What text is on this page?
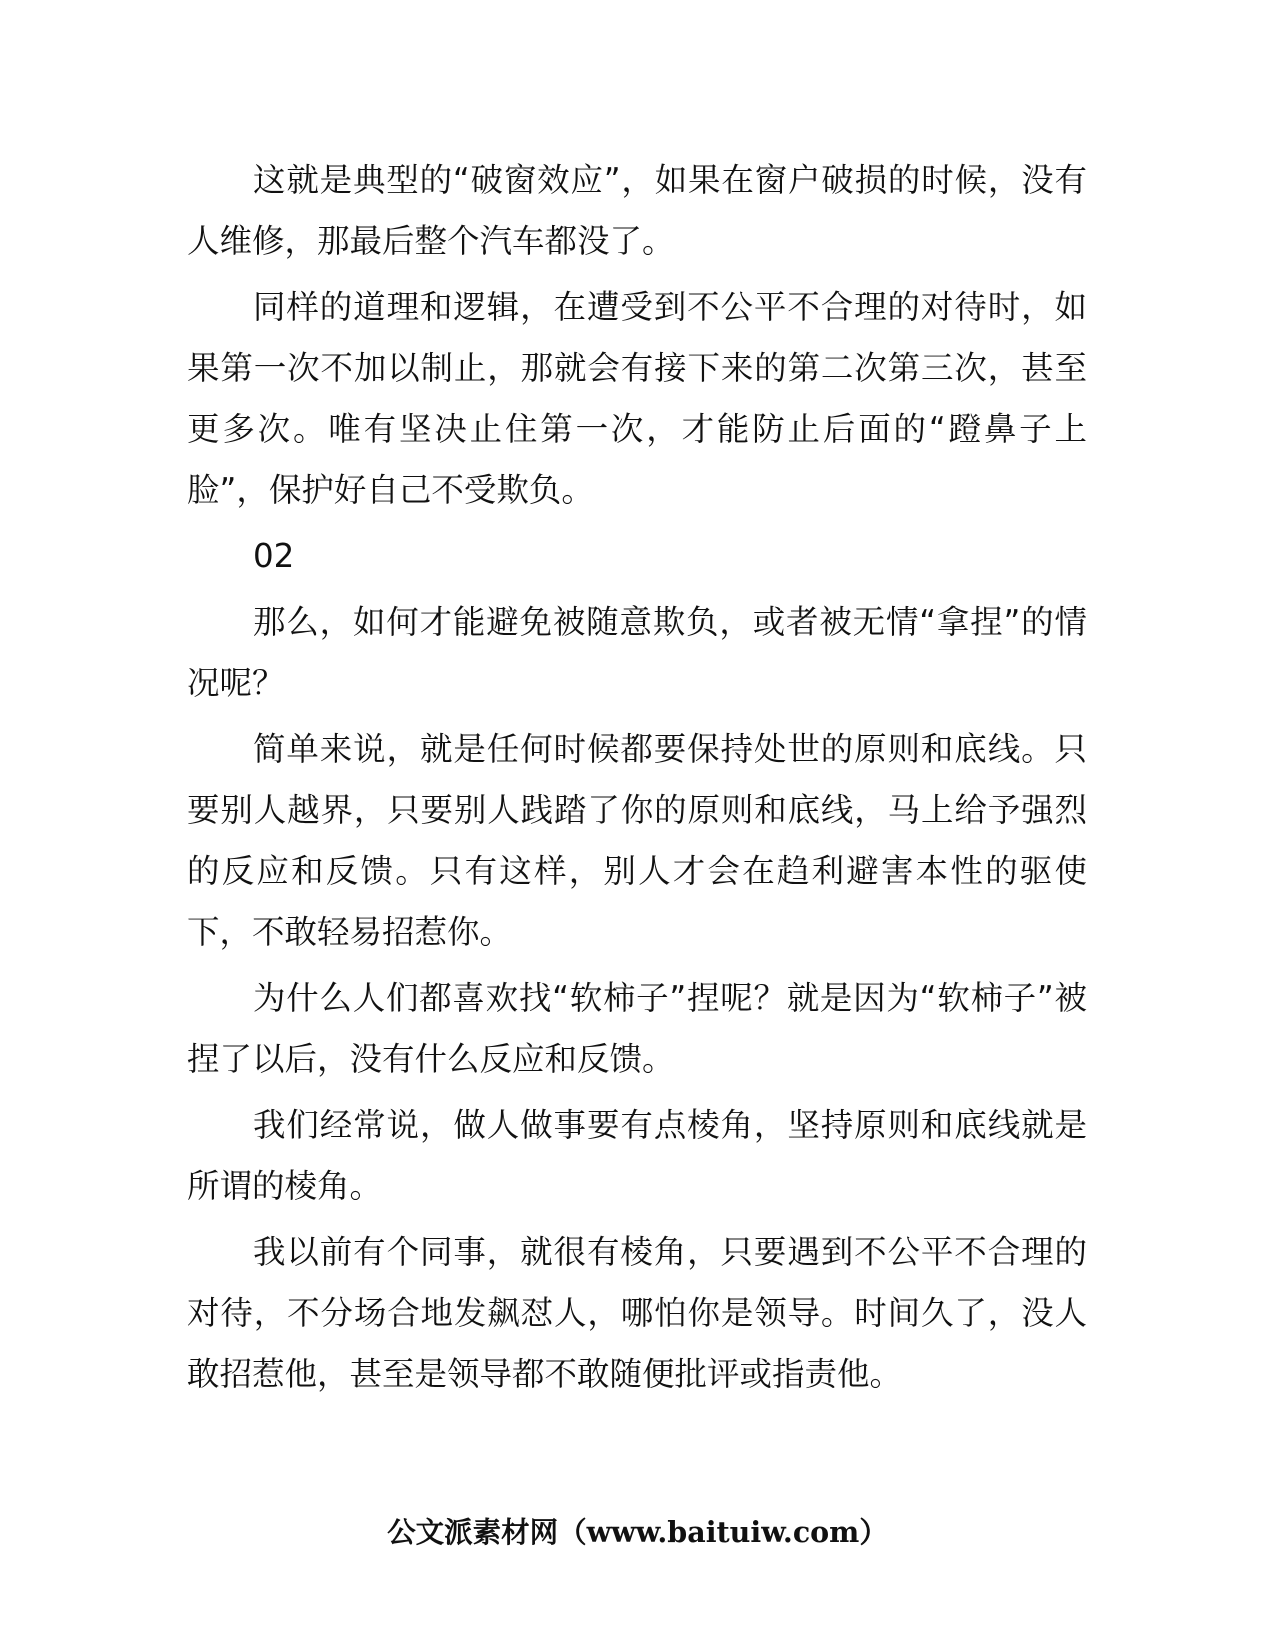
这就是典型的“破窗效应”，如果在窗户破损的时候，没有人维修，那最后整个汽车都没了。

同样的道理和逻辑，在遭受到不公平不合理的对待时，如果第一次不加以制止，那就会有接下来的第二次第三次，甚至更多次。唯有坚决止住第一次，才能防止后面的“蹬鼻子上脸”，保护好自己不受欺负。

02

那么，如何才能避免被随意欺负，或者被无情“拿捏”的情况呢？

简单来说，就是任何时候都要保持处世的原则和底线。只要别人越界，只要别人践踏了你的原则和底线，马上给予强烈的反应和反馈。只有这样，别人才会在趋利避害本性的驱使下，不敢轻易招惹你。

为什么人们都喜欢找“软柿子”捏呢？就是因为“软柿子”被捏了以后，没有什么反应和反馈。

我们经常说，做人做事要有点棱角，坚持原则和底线就是所谓的棱角。

我以前有个同事，就很有棱角，只要遇到不公平不合理的对待，不分场合地发飙怼人，哪怕你是领导。时间久了，没人敢招惹他，甚至是领导都不敢随便批评或指责他。

公文派素材网（www.baituiw.com）
